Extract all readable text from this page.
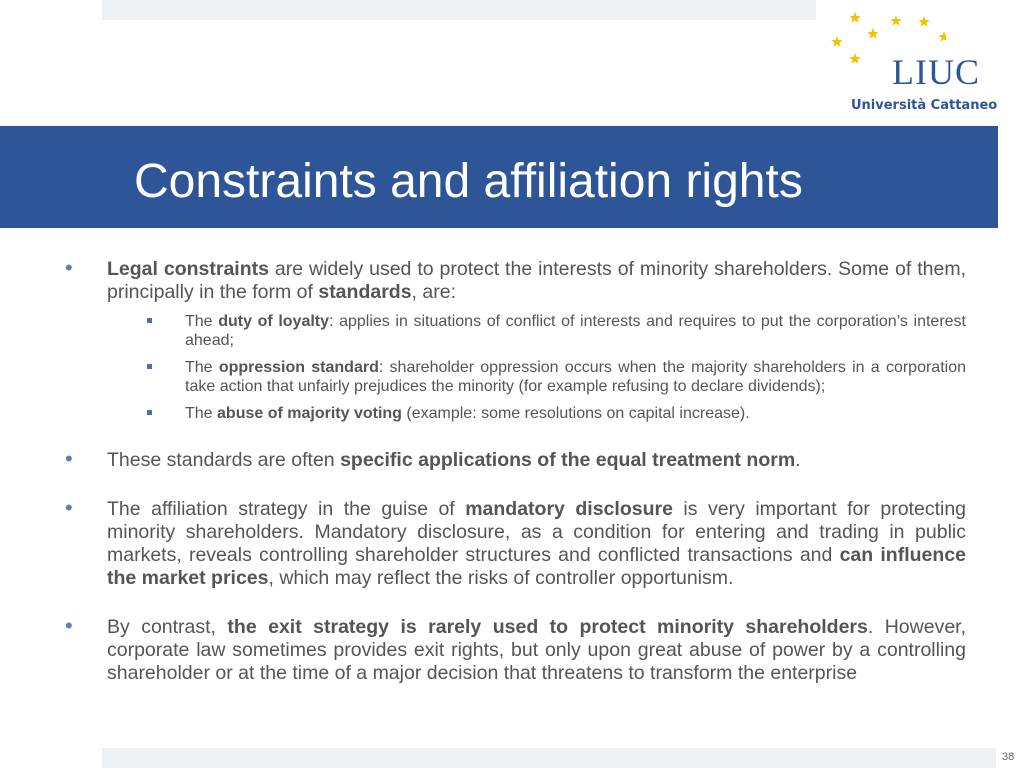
LIUC
Università Cattaneo
Constraints and affiliation rights
• Legal constraints are widely used to protect the interests of minority shareholders. Some of them, principally in the form of standards, are:
The duty of loyalty: applies in situations of conflict of interests and requires to put the corporation’s interest ahead;
The oppression standard: shareholder oppression occurs when the majority shareholders in a corporation take action that unfairly prejudices the minority (for example refusing to declare dividends);
The abuse of majority voting (example: some resolutions on capital increase).
• These standards are often specific applications of the equal treatment norm.
• The affiliation strategy in the guise of mandatory disclosure is very important for protecting minority shareholders. Mandatory disclosure, as a condition for entering and trading in public markets, reveals controlling shareholder structures and conflicted transactions and can influence the market prices, which may reflect the risks of controller opportunism.
• By contrast, the exit strategy is rarely used to protect minority shareholders. However, corporate law sometimes provides exit rights, but only upon great abuse of power by a controlling shareholder or at the time of a major decision that threatens to transform the enterprise
38
